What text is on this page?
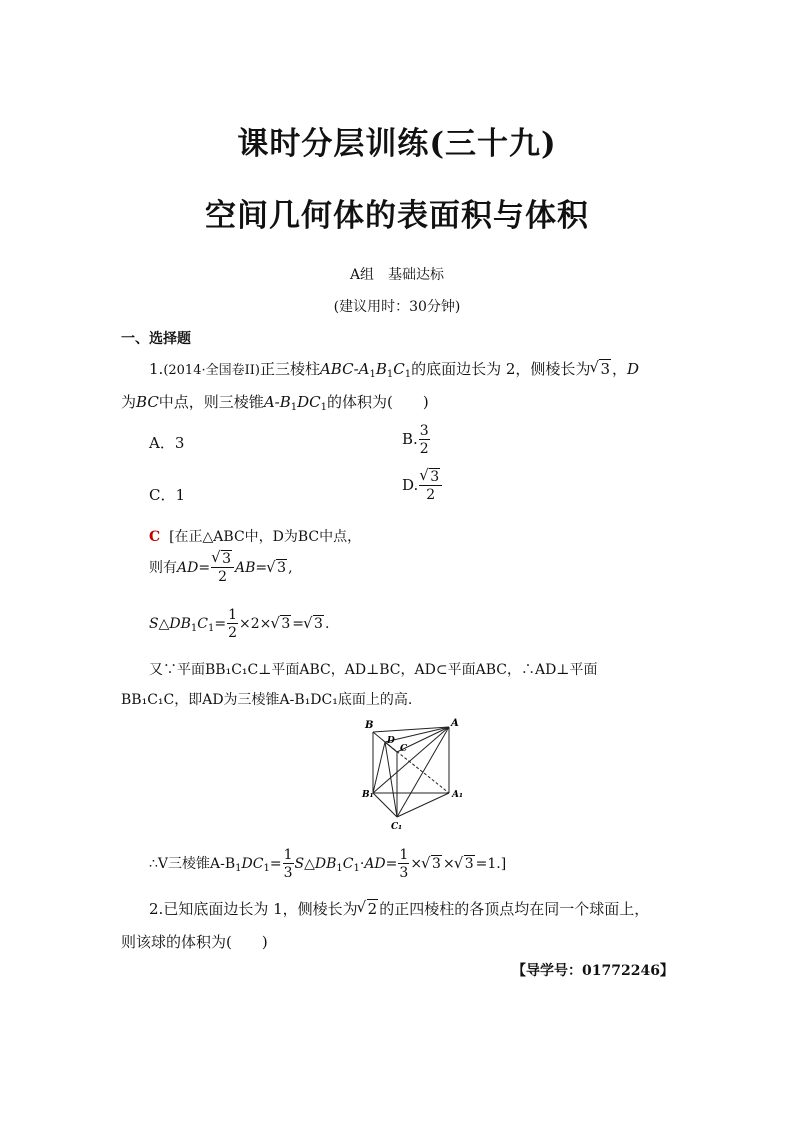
课时分层训练(三十九)
空间几何体的表面积与体积
A组　基础达标
(建议用时：30分钟)
一、选择题
1.(2014·全国卷II)正三棱柱ABC-$A_1B_1C_1$的底面边长为 2，侧棱长为√ 3 ，D
为BC中点，则三棱锥$A-B_1DC_1$的体积为(　　)
A．3	B. $\frac{3}{2}$
C．1
D.
√ $\frac{3}{2}$
C [在正△ABC中，D为BC中点，
则有AD=
√ $\frac{3}{2} AB=√$ 3 ,
$S\triangle DB_1C_1= \frac{1}{2} \times 2\times√$ 3 =√ 3 .
又∵平面BB₁C₁C⊥平面ABC，AD⊥BC，AD⊂平面ABC，∴AD⊥平面
BB₁C₁C，即AD为三棱锥A-B₁DC₁底面上的高.
B
D
C
A
B₁	A₁
C₁
∴V三棱锥$A-B_1DC_1= \frac{1}{3}$ $S\triangle DB_1C_1\cdot AD= \frac{1}{3}$ ×√ 3 ×√ 3 =1.]
2.已知底面边长为 1，侧棱长为√ 2 的正四棱柱的各顶点均在同一个球面上，
则该球的体积为(　　)
【导学号：01772246】
